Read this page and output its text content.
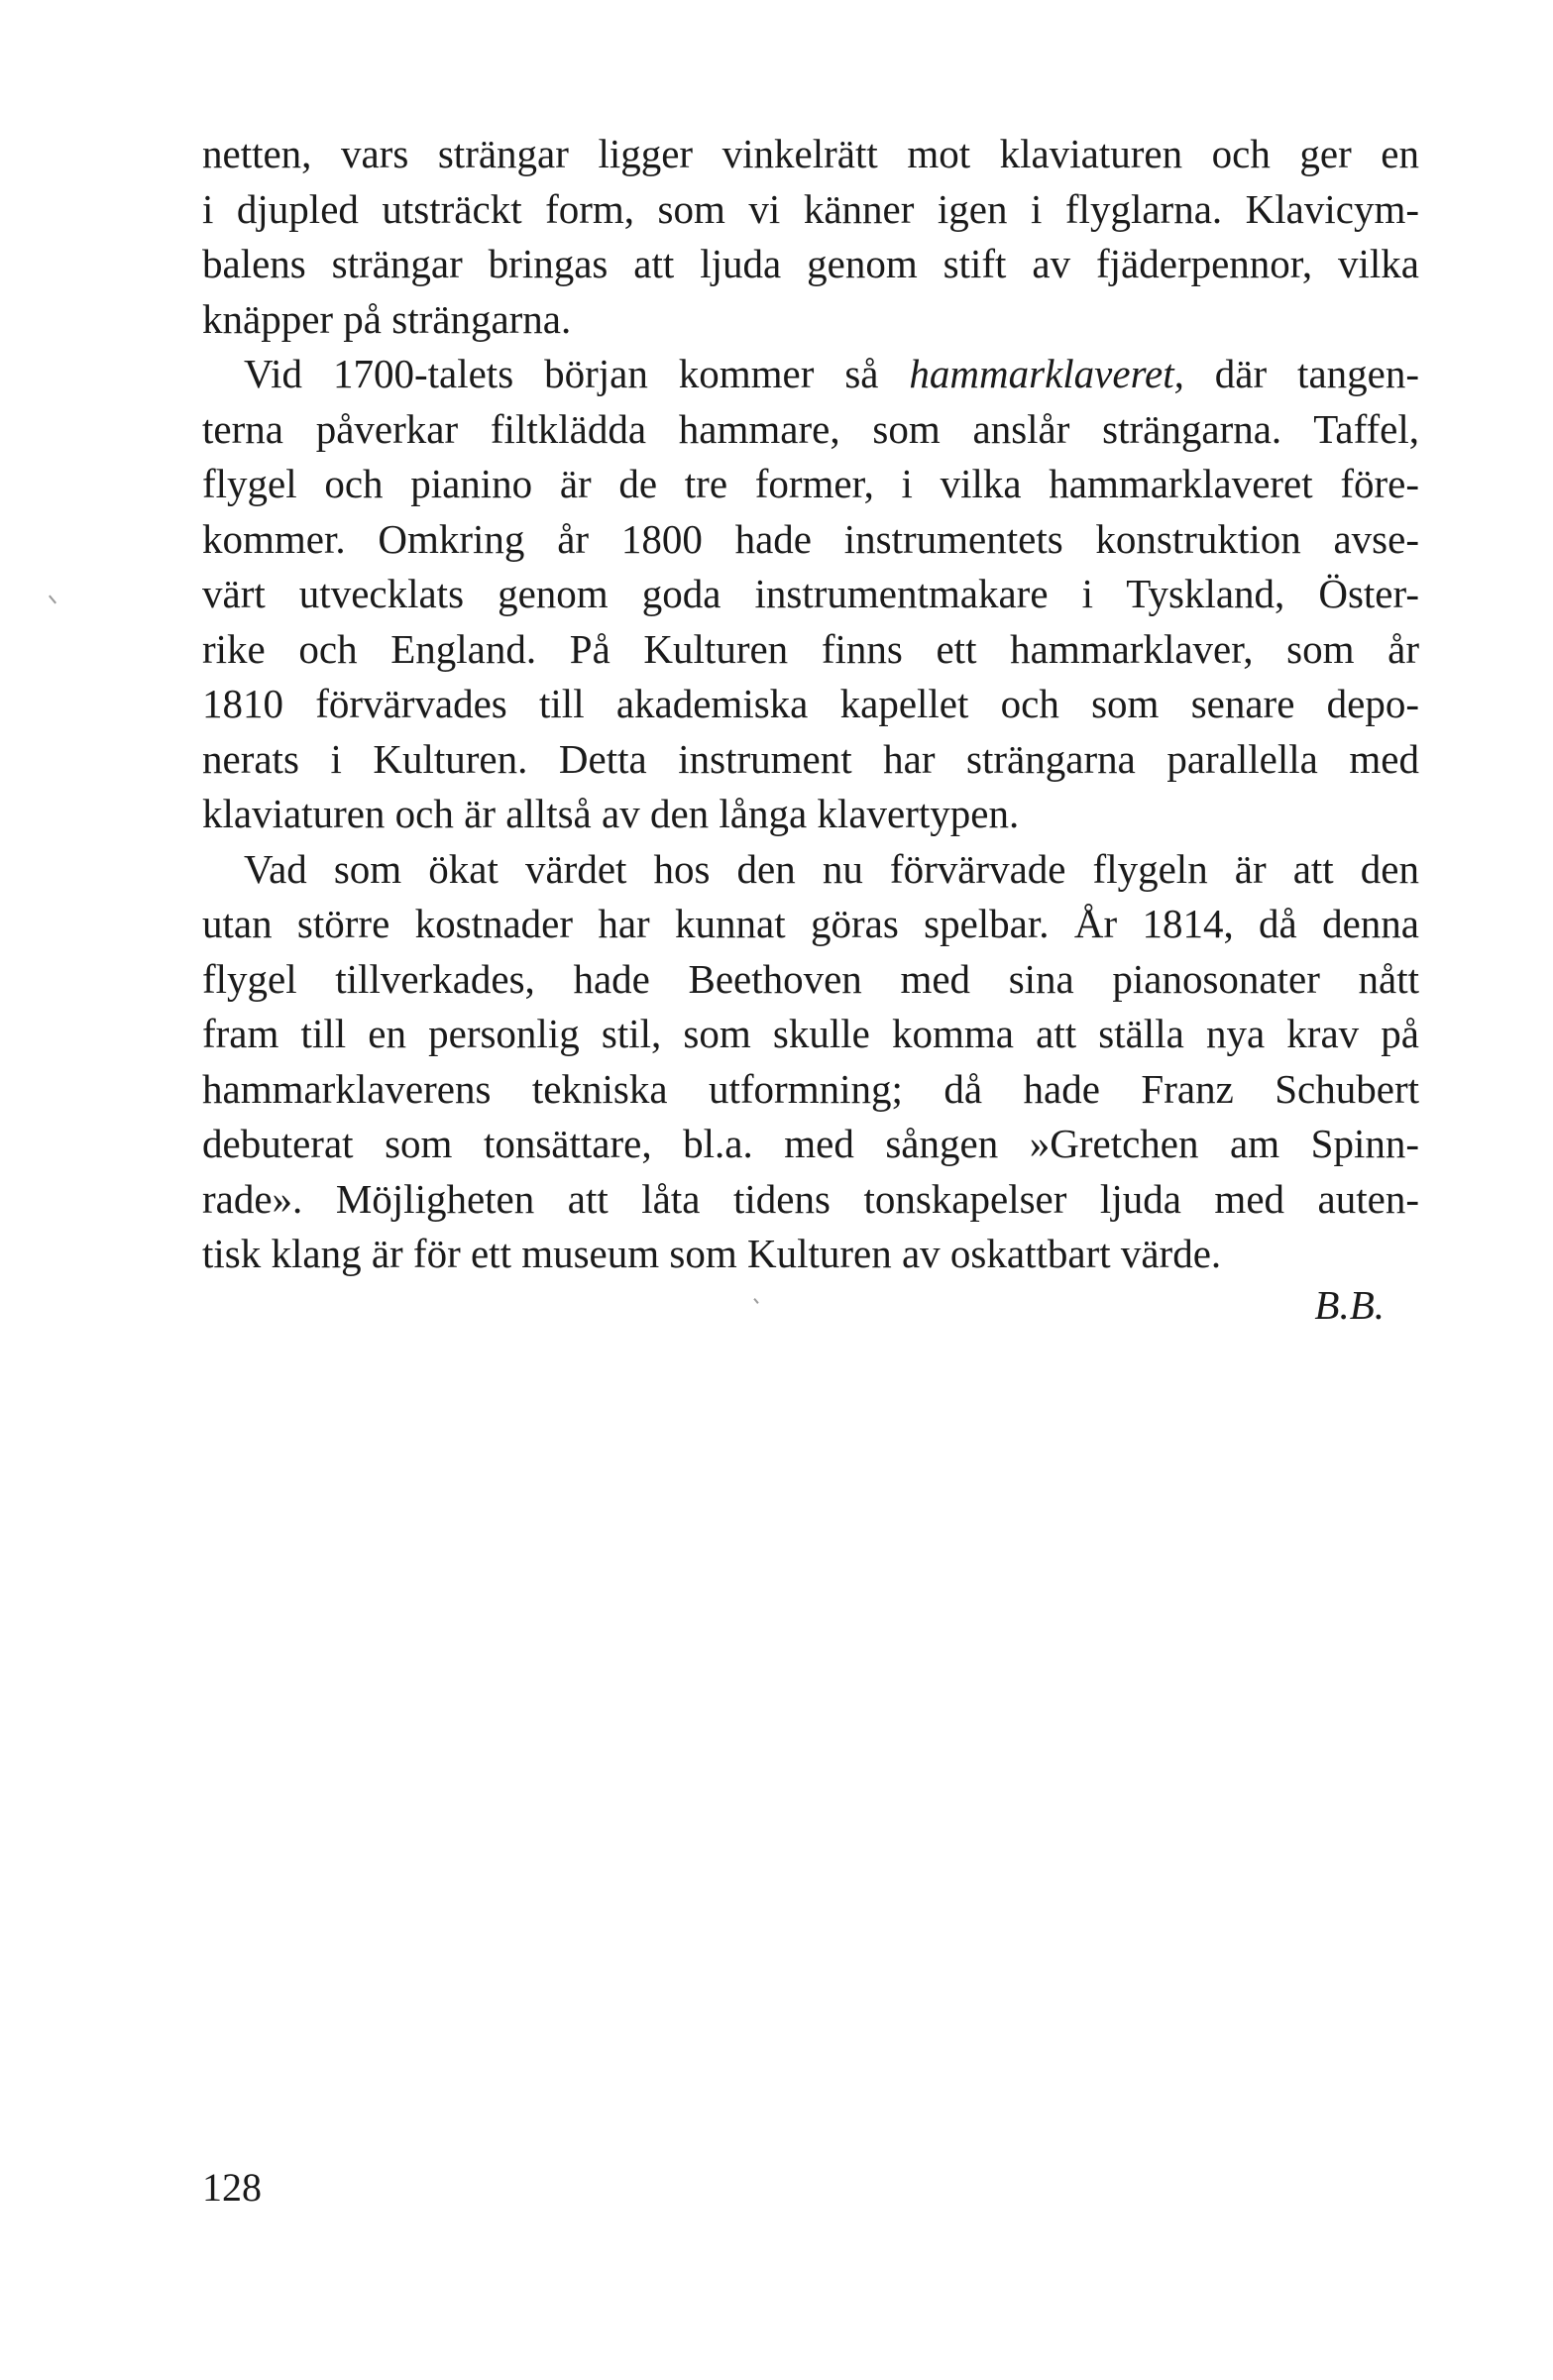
netten, vars strängar ligger vinkelrätt mot klaviaturen och ger en
i djupled utsträckt form, som vi känner igen i flyglarna. Klavicym-
balens strängar bringas att ljuda genom stift av fjäderpennor, vilka
knäpper på strängarna.
Vid 1700-talets början kommer så hammarklaveret, där tangen-
terna påverkar filtklädda hammare, som anslår strängarna. Taffel,
flygel och pianino är de tre former, i vilka hammarklaveret före-
kommer. Omkring år 1800 hade instrumentets konstruktion avse-
värt utvecklats genom goda instrumentmakare i Tyskland, Öster-
rike och England. På Kulturen finns ett hammarklaver, som år
1810 förvärvades till akademiska kapellet och som senare depo-
nerats i Kulturen. Detta instrument har strängarna parallella med
klaviaturen och är alltså av den långa klavertypen.
Vad som ökat värdet hos den nu förvärvade flygeln är att den
utan större kostnader har kunnat göras spelbar. År 1814, då denna
flygel tillverkades, hade Beethoven med sina pianosonater nått
fram till en personlig stil, som skulle komma att ställa nya krav på
hammarklaverens tekniska utformning; då hade Franz Schubert
debuterat som tonsättare, bl.a. med sången »Gretchen am Spinn-
rade». Möjligheten att låta tidens tonskapelser ljuda med auten-
tisk klang är för ett museum som Kulturen av oskattbart värde.
B.B.
128
